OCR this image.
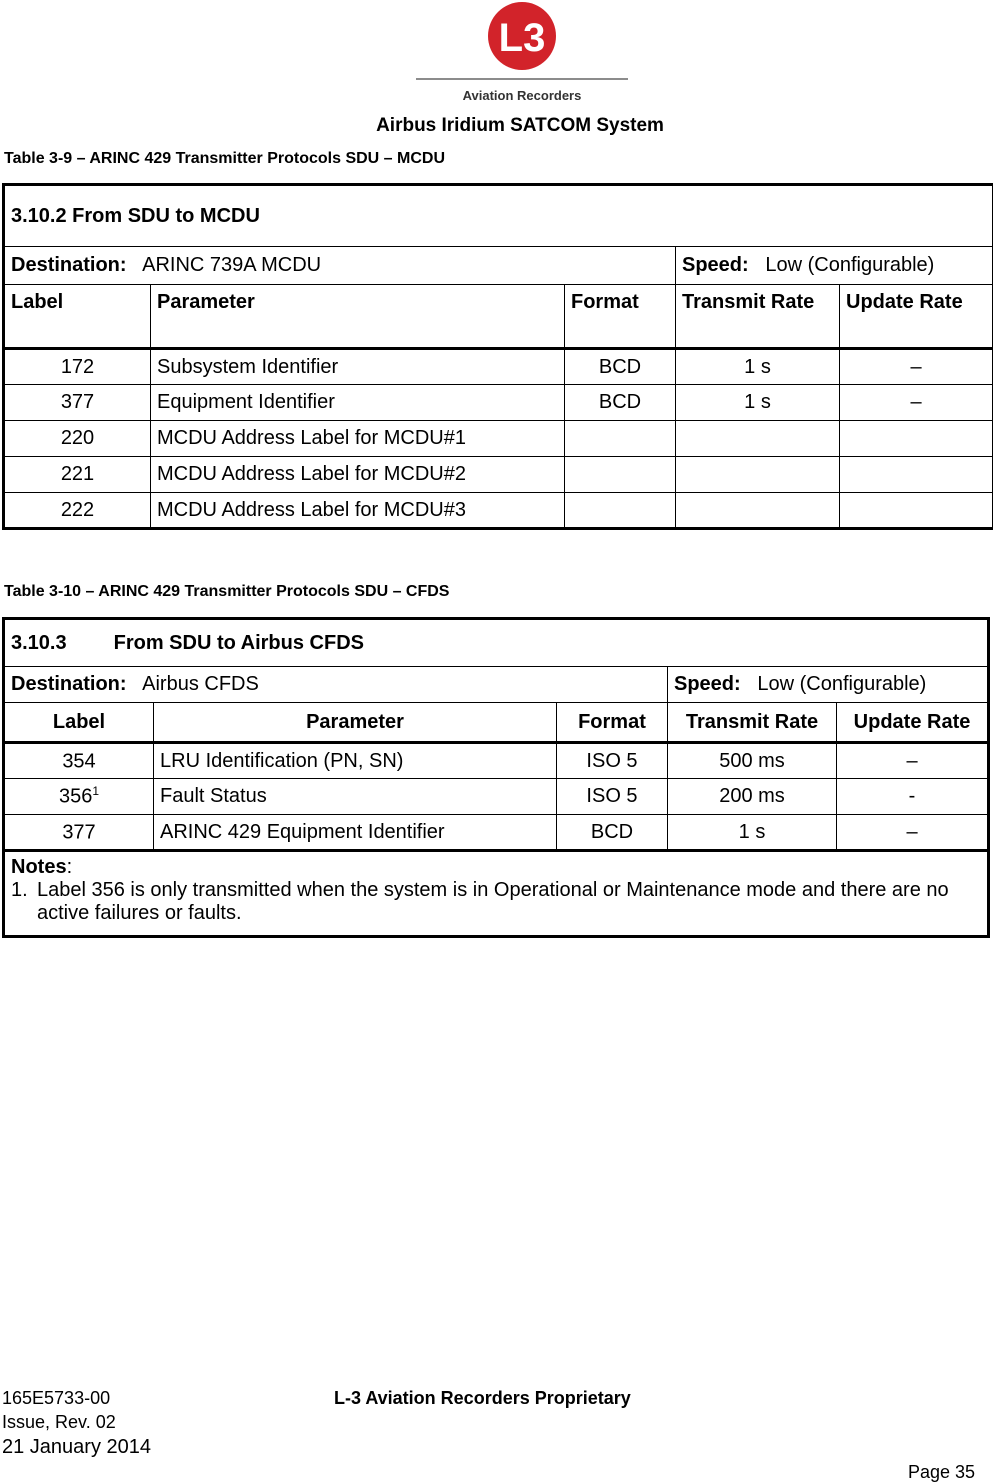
L3
Aviation Recorders
Airbus Iridium SATCOM System
Table 3-9 – ARINC 429 Transmitter Protocols SDU – MCDU
3.10.2 From SDU to MCDU				
Destination: ARINC 739A MCDU			Speed: Low (Configurable)	
Label	Parameter	Format	Transmit Rate	Update Rate
172	Subsystem Identifier	BCD	1 s	–
377	Equipment Identifier	BCD	1 s	–
220	MCDU Address Label for MCDU#1			
221	MCDU Address Label for MCDU#2			
222	MCDU Address Label for MCDU#3			
Table 3-10 – ARINC 429 Transmitter Protocols SDU – CFDS
3.10.3 From SDU to Airbus CFDS				
Destination: Airbus CFDS			Speed: Low (Configurable)	
Label	Parameter	Format	Transmit Rate	Update Rate
354	LRU Identification (PN, SN)	ISO 5	500 ms	–
$356^1$	Fault Status	ISO 5	200 ms	-
377	ARINC 429 Equipment Identifier	BCD	1 s	–

Notes:
1. Label 356 is only transmitted when the system is in Operational or Maintenance mode and there are no active failures or faults.				
165E5733-00
Issue, Rev. 02
21 January 2014
L-3 Aviation Recorders Proprietary
Page 35
